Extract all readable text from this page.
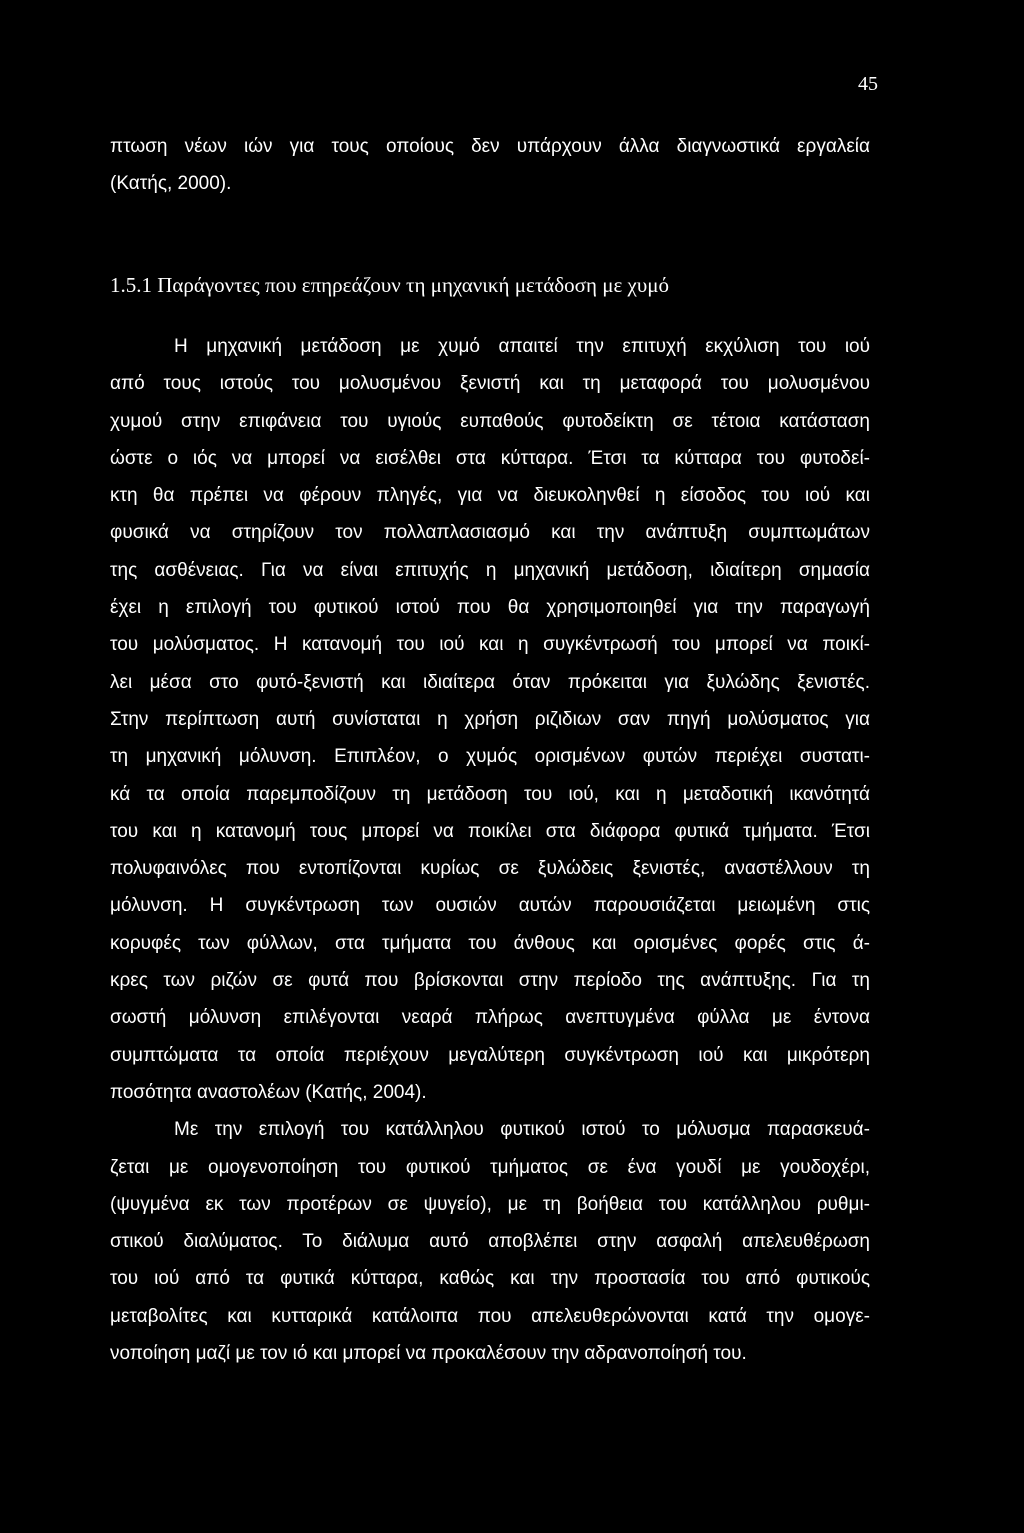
45
πτωση νέων ιών για τους οποίους δεν υπάρχουν άλλα διαγνωστικά εργαλεία
(Κατής, 2000).
1.5.1 Παράγοντες που επηρεάζουν τη μηχανική μετάδοση με χυμό
Η μηχανική μετάδοση με χυμό απαιτεί την επιτυχή εκχύλιση του ιού
από τους ιστούς του μολυσμένου ξενιστή και τη μεταφορά του μολυσμένου
χυμού στην επιφάνεια του υγιούς ευπαθούς φυτοδείκτη σε τέτοια κατάσταση
ώστε ο ιός να μπορεί να εισέλθει στα κύτταρα. Έτσι τα κύτταρα του φυτοδεί-
κτη θα πρέπει να φέρουν πληγές, για να διευκοληνθεί η είσοδος του ιού και
φυσικά να στηρίζουν τον πολλαπλασιασμό και την ανάπτυξη συμπτωμάτων
της ασθένειας. Για να είναι επιτυχής η μηχανική μετάδοση, ιδιαίτερη σημασία
έχει η επιλογή του φυτικού ιστού που θα χρησιμοποιηθεί για την παραγωγή
του μολύσματος. Η κατανομή του ιού και η συγκέντρωσή του μπορεί να ποικί-
λει μέσα στο φυτό-ξενιστή και ιδιαίτερα όταν πρόκειται για ξυλώδης ξενιστές.
Στην περίπτωση αυτή συνίσταται η χρήση ριζιδιων σαν πηγή μολύσματος για
τη μηχανική μόλυνση. Επιπλέον, ο χυμός ορισμένων φυτών περιέχει συστατι-
κά τα οποία παρεμποδίζουν τη μετάδοση του ιού, και η μεταδοτική ικανότητά
του και η κατανομή τους μπορεί να ποικίλει στα διάφορα φυτικά τμήματα. Έτσι
πολυφαινόλες που εντοπίζονται κυρίως σε ξυλώδεις ξενιστές, αναστέλλουν τη
μόλυνση. Η συγκέντρωση των ουσιών αυτών παρουσιάζεται μειωμένη στις
κορυφές των φύλλων, στα τμήματα του άνθους και ορισμένες φορές στις ά-
κρες των ριζών σε φυτά που βρίσκονται στην περίοδο της ανάπτυξης. Για τη
σωστή μόλυνση επιλέγονται νεαρά πλήρως ανεπτυγμένα φύλλα με έντονα
συμπτώματα τα οποία περιέχουν μεγαλύτερη συγκέντρωση ιού και μικρότερη
ποσότητα αναστολέων (Κατής, 2004).
Με την επιλογή του κατάλληλου φυτικού ιστού το μόλυσμα παρασκευά-
ζεται με ομογενοποίηση του φυτικού τμήματος σε ένα γουδί με γουδοχέρι,
(ψυγμένα εκ των προτέρων σε ψυγείο), με τη βοήθεια του κατάλληλου ρυθμι-
στικού διαλύματος. Το διάλυμα αυτό αποβλέπει στην ασφαλή απελευθέρωση
του ιού από τα φυτικά κύτταρα, καθώς και την προστασία του από φυτικούς
μεταβολίτες και κυτταρικά κατάλοιπα που απελευθερώνονται κατά την ομογε-
νοποίηση μαζί με τον ιό και μπορεί να προκαλέσουν την αδρανοποίησή του.
